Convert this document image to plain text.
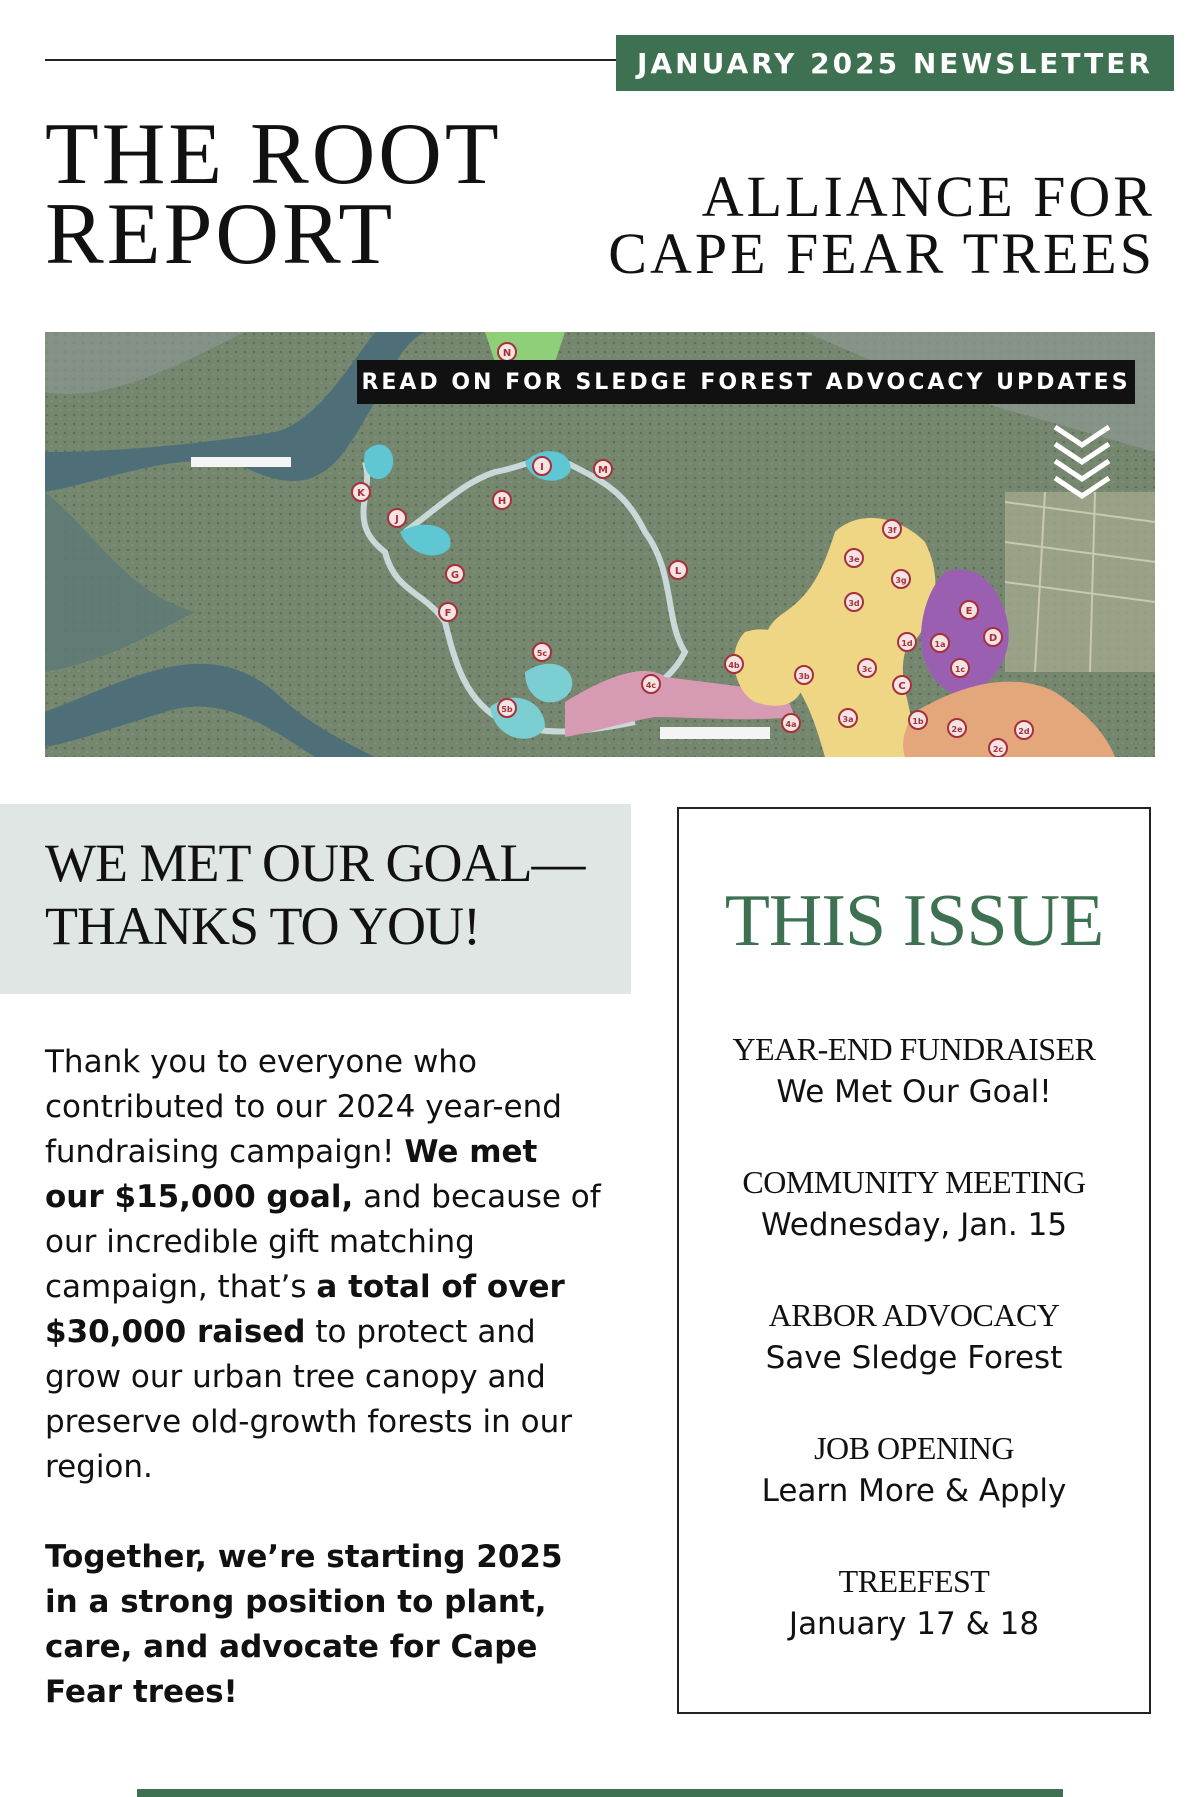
JANUARY 2025 NEWSLETTER
THE ROOT
REPORT	ALLIANCE FOR
CAPE FEAR TREES
N
K
J
I	M
H
G
F
L
5c
5b
4c
4b
4a
3f
3e
3g
3d
3b
3c
3a
1d	1a
1c
E
D
C
1b
2e	2d
2c
READ ON FOR SLEDGE FOREST ADVOCACY UPDATES
WE MET OUR GOAL—
THANKS TO YOU!

Thank you to everyone who contributed to our 2024 year-end fundraising campaign! We met our $15,000 goal, and because of our incredible gift matching campaign, that’s a total of over $30,000 raised to protect and grow our urban tree canopy and preserve old-growth forests in our region.

Together, we’re starting 2025 in a strong position to plant, care, and advocate for Cape Fear trees!

THIS ISSUE
YEAR-END FUNDRAISER
We Met Our Goal!
COMMUNITY MEETING
Wednesday, Jan. 15
ARBOR ADVOCACY
Save Sledge Forest
JOB OPENING
Learn More & Apply
TREEFEST
January 17 & 18
